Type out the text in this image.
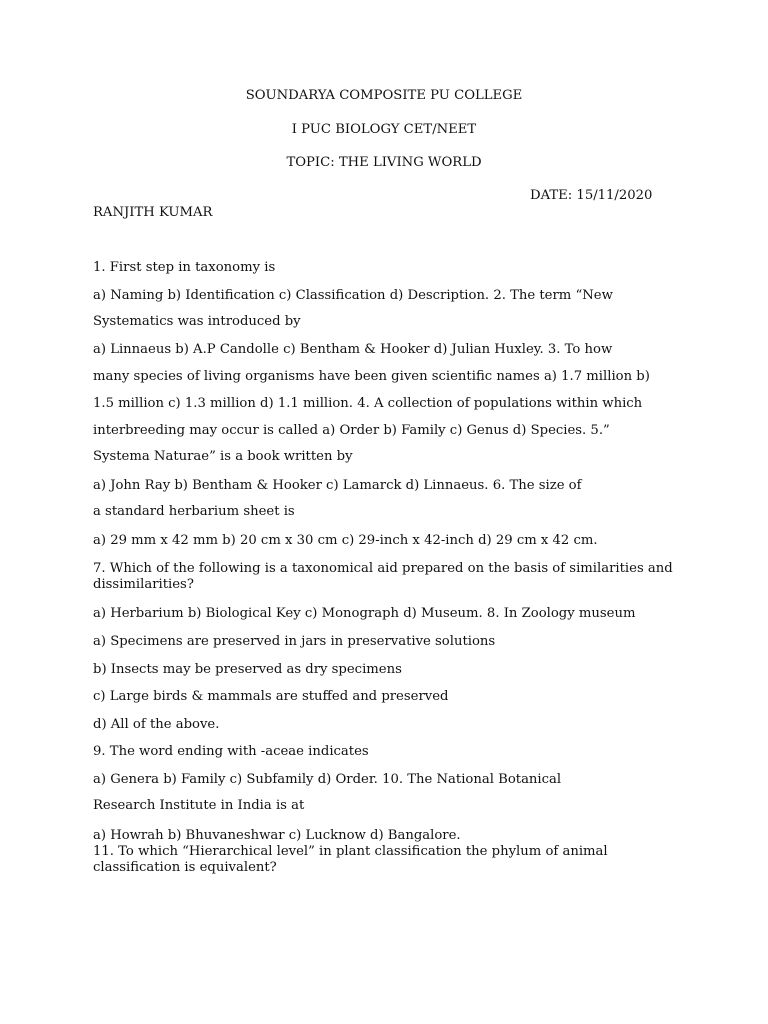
SOUNDARYA COMPOSITE PU COLLEGE

I PUC BIOLOGY CET/NEET

TOPIC: THE LIVING WORLD

DATE: 15/11/2020

RANJITH KUMAR

1. First step in taxonomy is

a) Naming b) Identification c) Classification d) Description. 2. The term “New

Systematics was introduced by

a) Linnaeus b) A.P Candolle c) Bentham & Hooker d) Julian Huxley. 3. To how

many species of living organisms have been given scientific names a) 1.7 million b)

1.5 million c) 1.3 million d) 1.1 million. 4. A collection of populations within which

interbreeding may occur is called a) Order b) Family c) Genus d) Species. 5.”

Systema Naturae” is a book written by

a) John Ray b) Bentham & Hooker c) Lamarck d) Linnaeus. 6. The size of

a standard herbarium sheet is

a) 29 mm x 42 mm b) 20 cm x 30 cm c) 29-inch x 42-inch d) 29 cm x 42 cm.

7. Which of the following is a taxonomical aid prepared on the basis of similarities and dissimilarities?

a) Herbarium b) Biological Key c) Monograph d) Museum. 8. In Zoology museum

a) Specimens are preserved in jars in preservative solutions

b) Insects may be preserved as dry specimens

c) Large birds & mammals are stuffed and preserved

d) All of the above.

9. The word ending with -aceae indicates

a) Genera b) Family c) Subfamily d) Order. 10. The National Botanical

Research Institute in India is at

a) Howrah b) Bhuvaneshwar c) Lucknow d) Bangalore.

11. To which “Hierarchical level” in plant classification the phylum of animal classification is equivalent?
